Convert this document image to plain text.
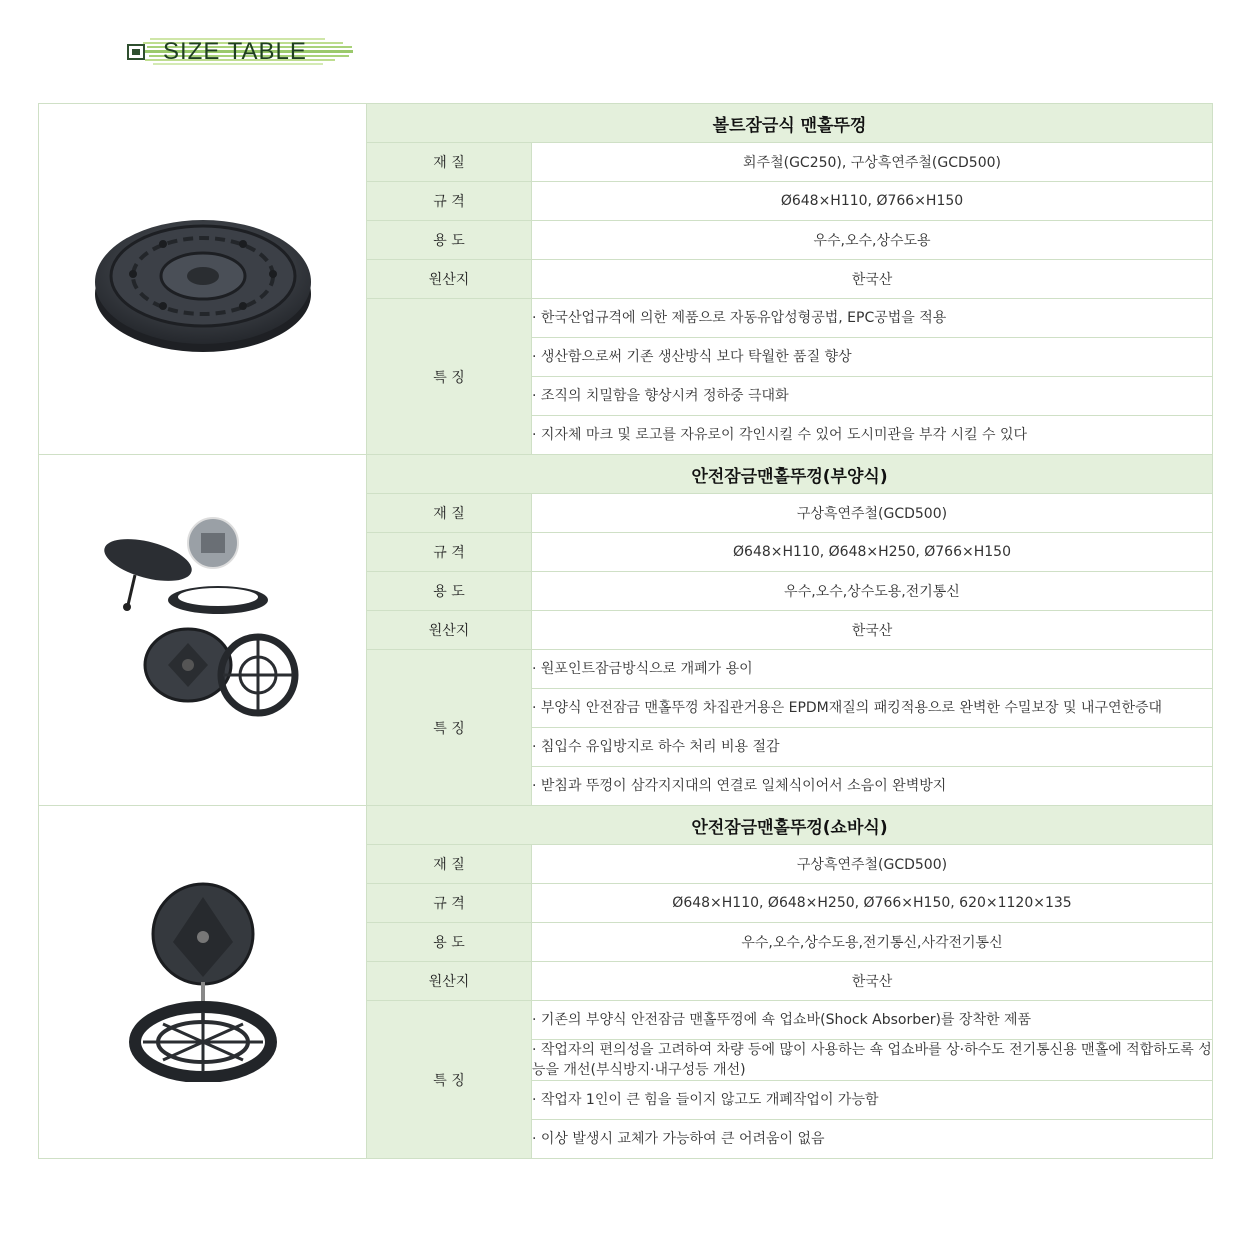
SIZE TABLE
	볼트잠금식 맨홀뚜껑	
	재 질	회주철(GC250), 구상흑연주철(GCD500)
	규 격	Ø648×H110, Ø766×H150
	용 도	우수,오수,상수도용
	원산지	한국산
	특 징	· 한국산업규격에 의한 제품으로 자동유압성형공법, EPC공법을 적용
		· 생산함으로써 기존 생산방식 보다 탁월한 품질 향상
		· 조직의 치밀함을 향상시켜 정하중 극대화
		· 지자체 마크 및 로고를 자유로이 각인시킬 수 있어 도시미관을 부각 시킬 수 있다

	안전잠금맨홀뚜껑(부양식)	
	재 질	구상흑연주철(GCD500)
	규 격	Ø648×H110, Ø648×H250, Ø766×H150
	용 도	우수,오수,상수도용,전기통신
	원산지	한국산
	특 징	· 원포인트잠금방식으로 개폐가 용이
		· 부양식 안전잠금 맨홀뚜껑 차집관거용은 EPDM재질의 패킹적용으로 완벽한 수밀보장 및 내구연한증대
		· 침입수 유입방지로 하수 처리 비용 절감
		· 받침과 뚜껑이 삼각지지대의 연결로 일체식이어서 소음이 완벽방지

	안전잠금맨홀뚜껑(쇼바식)	
	재 질	구상흑연주철(GCD500)
	규 격	Ø648×H110, Ø648×H250, Ø766×H150, 620×1120×135
	용 도	우수,오수,상수도용,전기통신,사각전기통신
	원산지	한국산
	특 징	· 기존의 부양식 안전잠금 맨홀뚜껑에 쇽 업쇼바(Shock Absorber)를 장착한 제품
		· 작업자의 편의성을 고려하여 차량 등에 많이 사용하는 쇽 업쇼바를 상·하수도 전기통신용 맨홀에 적합하도록 성능을 개선(부식방지·내구성등 개선)
		· 작업자 1인이 큰 힘을 들이지 않고도 개폐작업이 가능함
		· 이상 발생시 교체가 가능하여 큰 어려움이 없음
